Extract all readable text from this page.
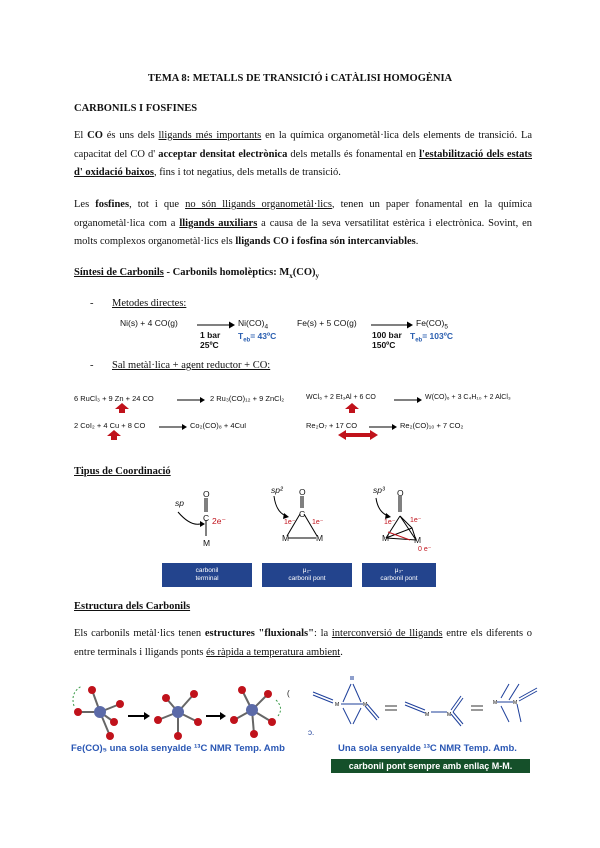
TEMA 8: METALLS DE TRANSICIÓ i CATÀLISI HOMOGÈNIA
CARBONILS I FOSFINES
El CO és uns dels lligands més importants en la química organometàl·lica dels elements de transició. La capacitat del CO d' acceptar densitat electrònica dels metalls és fonamental en l'estabilització dels estats d' oxidació baixos, fins i tot negatius, dels metalls de transició.
Les fosfines, tot i que no són lligands organometàl·lics, tenen un paper fonamental en la química organometàl·lica com a lligands auxiliars a causa de la seva versatilitat estèrica i electrònica. Sovint, en molts complexos organometàl·lics els lligands CO i fosfina són intercanviables.
Síntesi de Carbonils - Carbonils homolèptics: $M_x(CO)_y$
- Metodes directes:
Ni(s) + 4 CO(g)	$Ni(CO)_4$
1 bar
25ºC
$T_{eb}=$ 43ºC
Fe(s) + 5 CO(g)	$Fe(CO)_5$
100 bar
150ºC
$T_{eb}=$ 103ºC
- Sal metàl·lica + agent reductor + CO:
6 RuCl₃ + 9 Zn + 24 CO	2 Ru₃(CO)₁₂ + 9 ZnCl₂	WCl₆ + 2 Et₃Al + 6 CO	W(CO)₆ + 3 C₄H₁₀ + 2 AlCl₃
2 CoI₂ + 4 Cu + 8 CO	Co₂(CO)₈ + 4CuI	Re₂O₇ + 17 CO	Re₂(CO)₁₀ + 7 CO₂
Tipus de Coordinació
sp
O
C
M
2e⁻
sp² O
C
M	M
1e⁻ 1e⁻
sp³ O
M	M
1e⁻ 1e⁻
0 e⁻
carbonil
terminal
μ₂-
carbonil pont
μ₃-
carbonil pont
Estructura dels Carbonils
Els carbonils metàl·lics tenen estructures "fluxionals": la interconversió de lligands entre els diferents o entre terminals i lligands ponts és ràpida a temperatura ambient.
(
M	M
M	M
M	M
ɔ.
Fe(CO)₅ una sola senyalde ¹³C NMR Temp. Amb	Una sola senyalde ¹³C NMR Temp. Amb.
carbonil pont sempre amb enllaç M-M.
